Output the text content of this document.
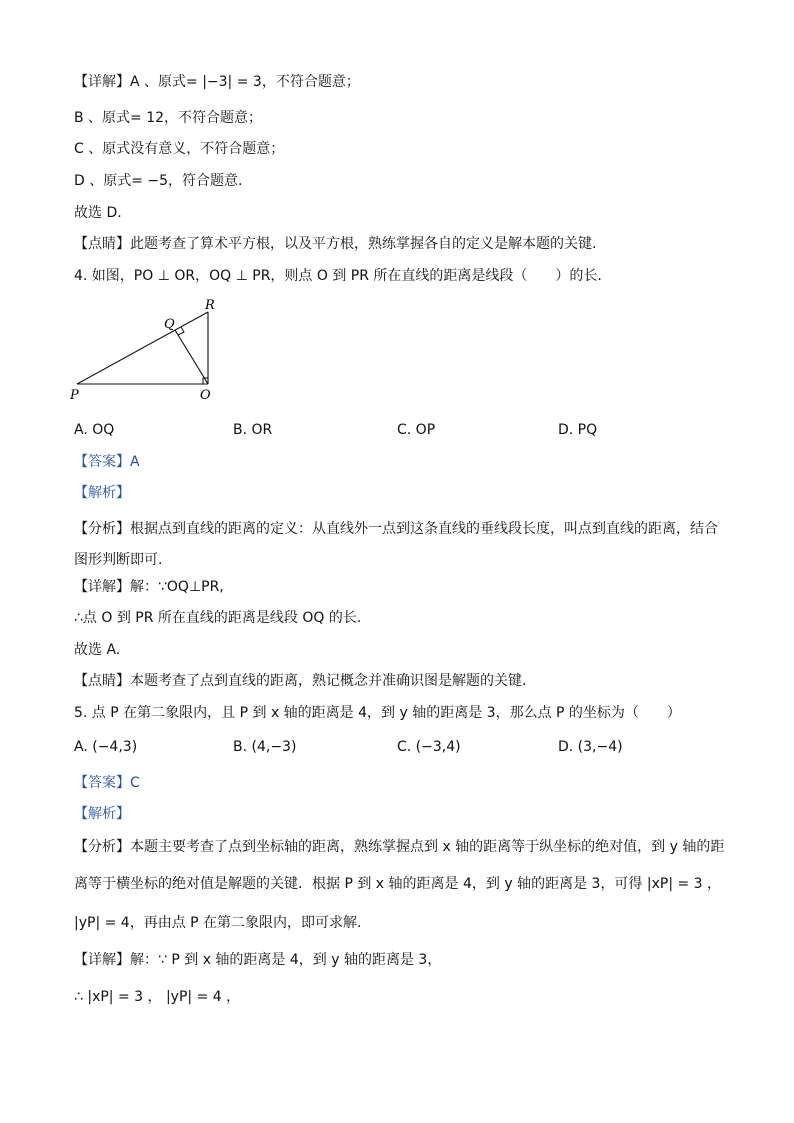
【详解】A 、原式= |−3| = 3，不符合题意；
B 、原式= 12，不符合题意；
C 、原式没有意义，不符合题意；
D 、原式= −5，符合题意.
故选 D.
【点睛】此题考查了算术平方根，以及平方根，熟练掌握各自的定义是解本题的关键.
4. 如图，PO ⊥ OR，OQ ⊥ PR，则点 O 到 PR 所在直线的距离是线段（　　）的长.
R
Q
P	O
A. OQ	B. OR	C. OP	D. PQ
【答案】A
【解析】
【分析】根据点到直线的距离的定义：从直线外一点到这条直线的垂线段长度，叫点到直线的距离，结合图形判断即可.
【详解】解：∵OQ⊥PR,
∴点 O 到 PR 所在直线的距离是线段 OQ 的长.
故选 A.
【点睛】本题考查了点到直线的距离，熟记概念并准确识图是解题的关键.
5. 点 P 在第二象限内，且 P 到 x 轴的距离是 4，到 y 轴的距离是 3，那么点 P 的坐标为（　　）
A. (−4,3)	B. (4,−3)	C. (−3,4)	D. (3,−4)
【答案】C
【解析】
【分析】本题主要考查了点到坐标轴的距离，熟练掌握点到 x 轴的距离等于纵坐标的绝对值，到 y 轴的距
离等于横坐标的绝对值是解题的关键．根据 P 到 x 轴的距离是 4，到 y 轴的距离是 3，可得 |xP| = 3 ，
|yP| = 4，再由点 P 在第二象限内，即可求解.
【详解】解：∵ P 到 x 轴的距离是 4，到 y 轴的距离是 3，
∴ |xP| = 3 ， |yP| = 4 ，
